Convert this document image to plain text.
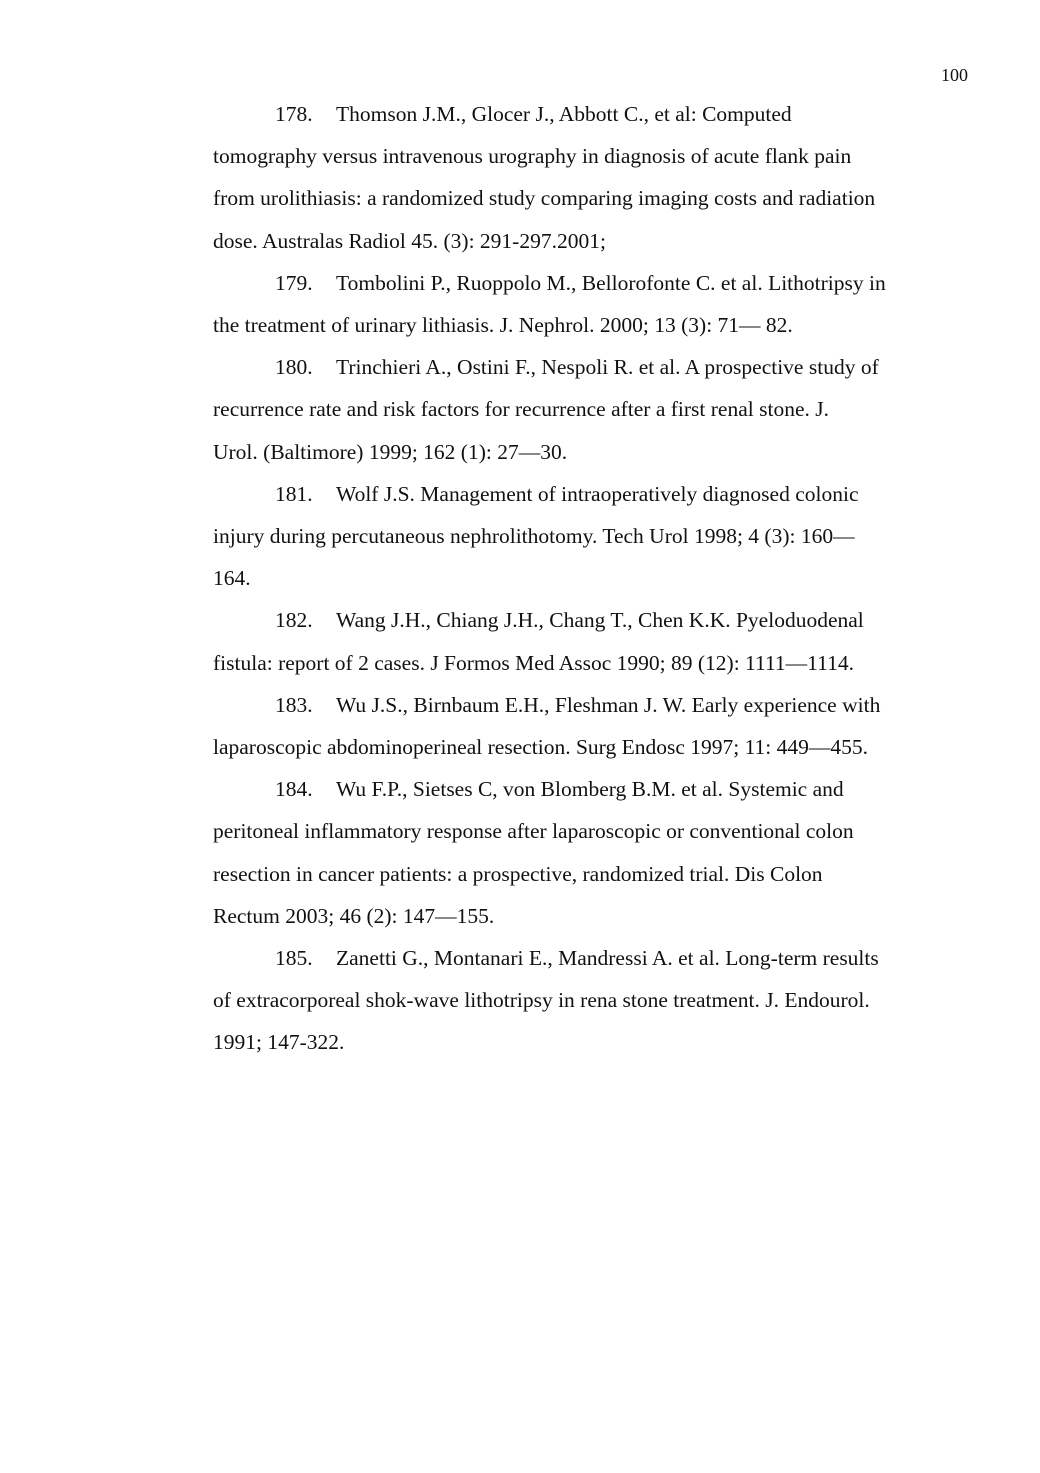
100

178. Thomson J.M., Glocer J., Abbott C., et al: Computed
tomography versus intravenous urography in diagnosis of acute flank pain
from urolithiasis: a randomized study comparing imaging costs and radiation
dose. Australas Radiol 45. (3): 291-297.2001;

179. Tombolini P., Ruoppolo M., Bellorofonte C. et al. Lithotripsy in
the treatment of urinary lithiasis. J. Nephrol. 2000; 13 (3): 71— 82.

180. Trinchieri A., Ostini F., Nespoli R. et al. A prospective study of
recurrence rate and risk factors for recurrence after a first renal stone. J.
Urol. (Baltimore) 1999; 162 (1): 27—30.

181. Wolf J.S. Management of intraoperatively diagnosed colonic
injury during percutaneous nephrolithotomy. Tech Urol 1998; 4 (3): 160—
164.

182. Wang J.H., Chiang J.H., Chang T., Chen K.K. Pyeloduodenal
fistula: report of 2 cases. J Formos Med Assoc 1990; 89 (12): 1111—1114.

183. Wu J.S., Birnbaum E.H., Fleshman J. W. Early experience with
laparoscopic abdominoperineal resection. Surg Endosc 1997; 11: 449—455.

184. Wu F.P., Sietses C, von Blomberg B.M. et al. Systemic and
peritoneal inflammatory response after laparoscopic or conventional colon
resection in cancer patients: a prospective, randomized trial. Dis Colon
Rectum 2003; 46 (2): 147—155.

185. Zanetti G., Montanari E., Mandressi A. et al. Long-term results
of extracorporeal shok-wave lithotripsy in rena stone treatment. J. Endourol.
1991; 147-322.
